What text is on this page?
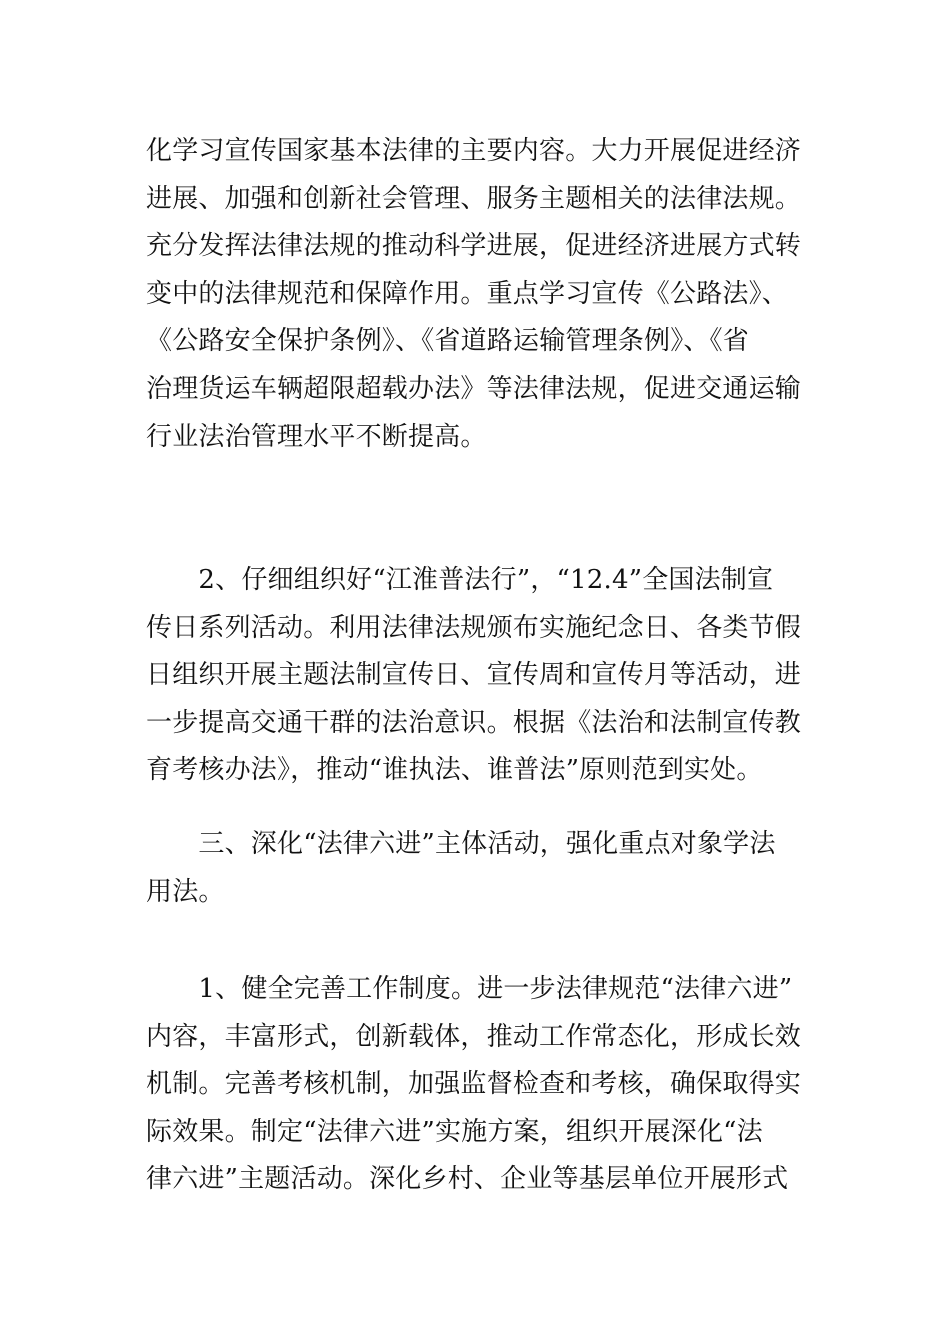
化学习宣传国家基本法律的主要内容。大力开展促进经济
进展、加强和创新社会管理、服务主题相关的法律法规。
充分发挥法律法规的推动科学进展，促进经济进展方式转
变中的法律规范和保障作用。重点学习宣传《公路法》、
《公路安全保护条例》、《省道路运输管理条例》、《省
治理货运车辆超限超载办法》等法律法规，促进交通运输
行业法治管理水平不断提高。
　　2、仔细组织好“江淮普法行”，“12.4”全国法制宣
传日系列活动。利用法律法规颁布实施纪念日、各类节假
日组织开展主题法制宣传日、宣传周和宣传月等活动，进
一步提高交通干群的法治意识。根据《法治和法制宣传教
育考核办法》，推动“谁执法、谁普法”原则范到实处。
　　三、深化“法律六进”主体活动，强化重点对象学法
用法。
　　1、健全完善工作制度。进一步法律规范“法律六进”
内容，丰富形式，创新载体，推动工作常态化，形成长效
机制。完善考核机制，加强监督检查和考核，确保取得实
际效果。制定“法律六进”实施方案，组织开展深化“法
律六进”主题活动。深化乡村、企业等基层单位开展形式
